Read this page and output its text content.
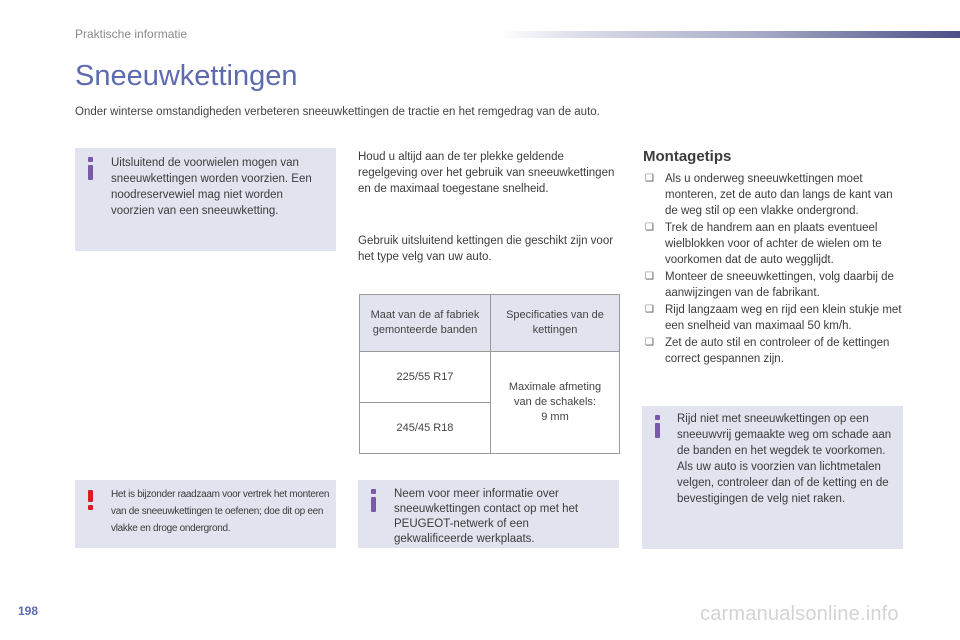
Praktische informatie
Sneeuwkettingen
Onder winterse omstandigheden verbeteren sneeuwkettingen de tractie en het remgedrag van de auto.
Uitsluitend de voorwielen mogen van sneeuwkettingen worden voorzien. Een noodreservewiel mag niet worden voorzien van een sneeuwketting.
Houd u altijd aan de ter plekke geldende regelgeving over het gebruik van sneeuwkettingen en de maximaal toegestane snelheid.
Gebruik uitsluitend kettingen die geschikt zijn voor het type velg van uw auto.
Maat van de af fabriek gemonteerde banden	Specificaties van de kettingen
225/55 R17	Maximale afmeting
van de schakels:
9 mm

245/45 R18	
Het is bijzonder raadzaam voor vertrek het monteren van de sneeuwkettingen te oefenen; doe dit op een vlakke en droge ondergrond.
Neem voor meer informatie over sneeuwkettingen contact op met het PEUGEOT-netwerk of een gekwalificeerde werkplaats.
Montagetips
❑ Als u onderweg sneeuwkettingen moet monteren, zet de auto dan langs de kant van de weg stil op een vlakke ondergrond.
❑ Trek de handrem aan en plaats eventueel wielblokken voor of achter de wielen om te voorkomen dat de auto wegglijdt.
❑ Monteer de sneeuwkettingen, volg daarbij de aanwijzingen van de fabrikant.
❑ Rijd langzaam weg en rijd een klein stukje met een snelheid van maximaal 50 km/h.
❑ Zet de auto stil en controleer of de kettingen correct gespannen zijn.
Rijd niet met sneeuwkettingen op een sneeuwvrij gemaakte weg om schade aan de banden en het wegdek te voorkomen. Als uw auto is voorzien van lichtmetalen velgen, controleer dan of de ketting en de bevestigingen de velg niet raken.
198	carmanualsonline.info
